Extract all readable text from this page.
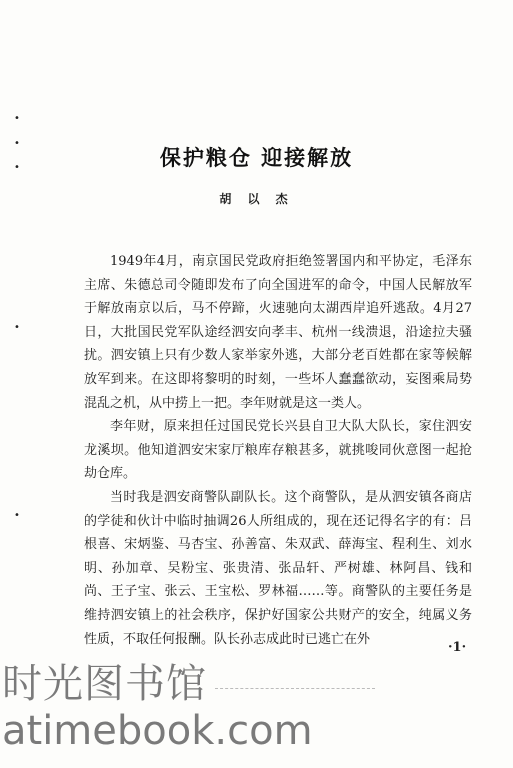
•
•
•
•
•
保护粮仓 迎接解放
胡 以 杰

1949年4月，南京国民党政府拒绝签署国内和平协定，毛泽东主席、朱德总司令随即发布了向全国进军的命令，中国人民解放军于解放南京以后，马不停蹄，火速驰向太湖西岸追歼逃敌。4月27日，大批国民党军队途经泗安向孝丰、杭州一线溃退，沿途拉夫骚扰。泗安镇上只有少数人家举家外逃，大部分老百姓都在家等候解放军到来。在这即将黎明的时刻，一些坏人蠢蠢欲动，妄图乘局势混乱之机，从中捞上一把。李年财就是这一类人。

李年财，原来担任过国民党长兴县自卫大队大队长，家住泗安龙溪坝。他知道泗安宋家厅粮库存粮甚多，就挑唆同伙意图一起抢劫仓库。

当时我是泗安商警队副队长。这个商警队，是从泗安镇各商店的学徒和伙计中临时抽调26人所组成的，现在还记得名字的有：吕根喜、宋炳鉴、马杏宝、孙善富、朱双武、薛海宝、程利生、刘水明、孙加章、吴粉宝、张贵清、张品轩、严树雄、林阿昌、钱和尚、王子宝、张云、王宝松、罗林福……等。商警队的主要任务是维持泗安镇上的社会秩序，保护好国家公共财产的安全，纯属义务性质，不取任何报酬。队长孙志成此时已逃亡在外

·1·
时光图书馆
atimebook.com
